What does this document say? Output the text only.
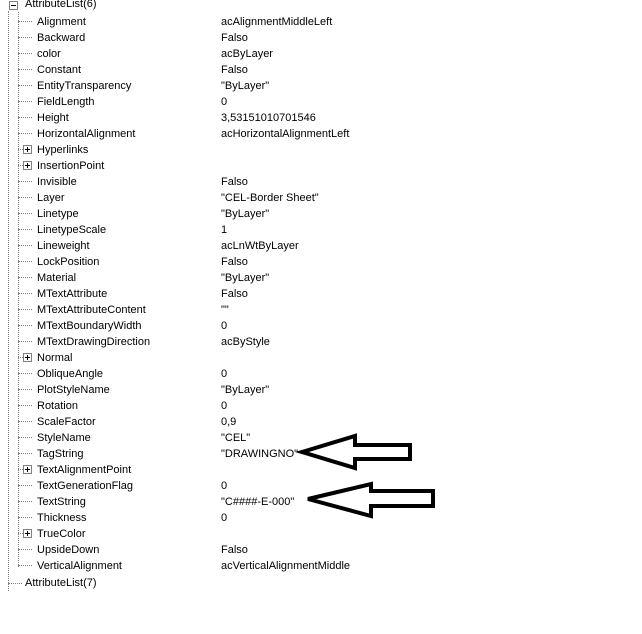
AttributeList(6)
Alignment	acAlignmentMiddleLeft
Backward	Falso
color	acByLayer
Constant	Falso
EntityTransparency	"ByLayer"
FieldLength	0
Height	3,53151010701546
HorizontalAlignment	acHorizontalAlignmentLeft
Hyperlinks
InsertionPoint
Invisible	Falso
Layer	"CEL-Border Sheet"
Linetype	"ByLayer"
LinetypeScale	1
Lineweight	acLnWtByLayer
LockPosition	Falso
Material	"ByLayer"
MTextAttribute	Falso
MTextAttributeContent	""
MTextBoundaryWidth	0
MTextDrawingDirection	acByStyle
Normal
ObliqueAngle	0
PlotStyleName	"ByLayer"
Rotation	0
ScaleFactor	0,9
StyleName	"CEL"
TagString	"DRAWINGNO"
TextAlignmentPoint
TextGenerationFlag	0
TextString	"C####-E-000"
Thickness	0
TrueColor
UpsideDown	Falso
VerticalAlignment	acVerticalAlignmentMiddle
AttributeList(7)
